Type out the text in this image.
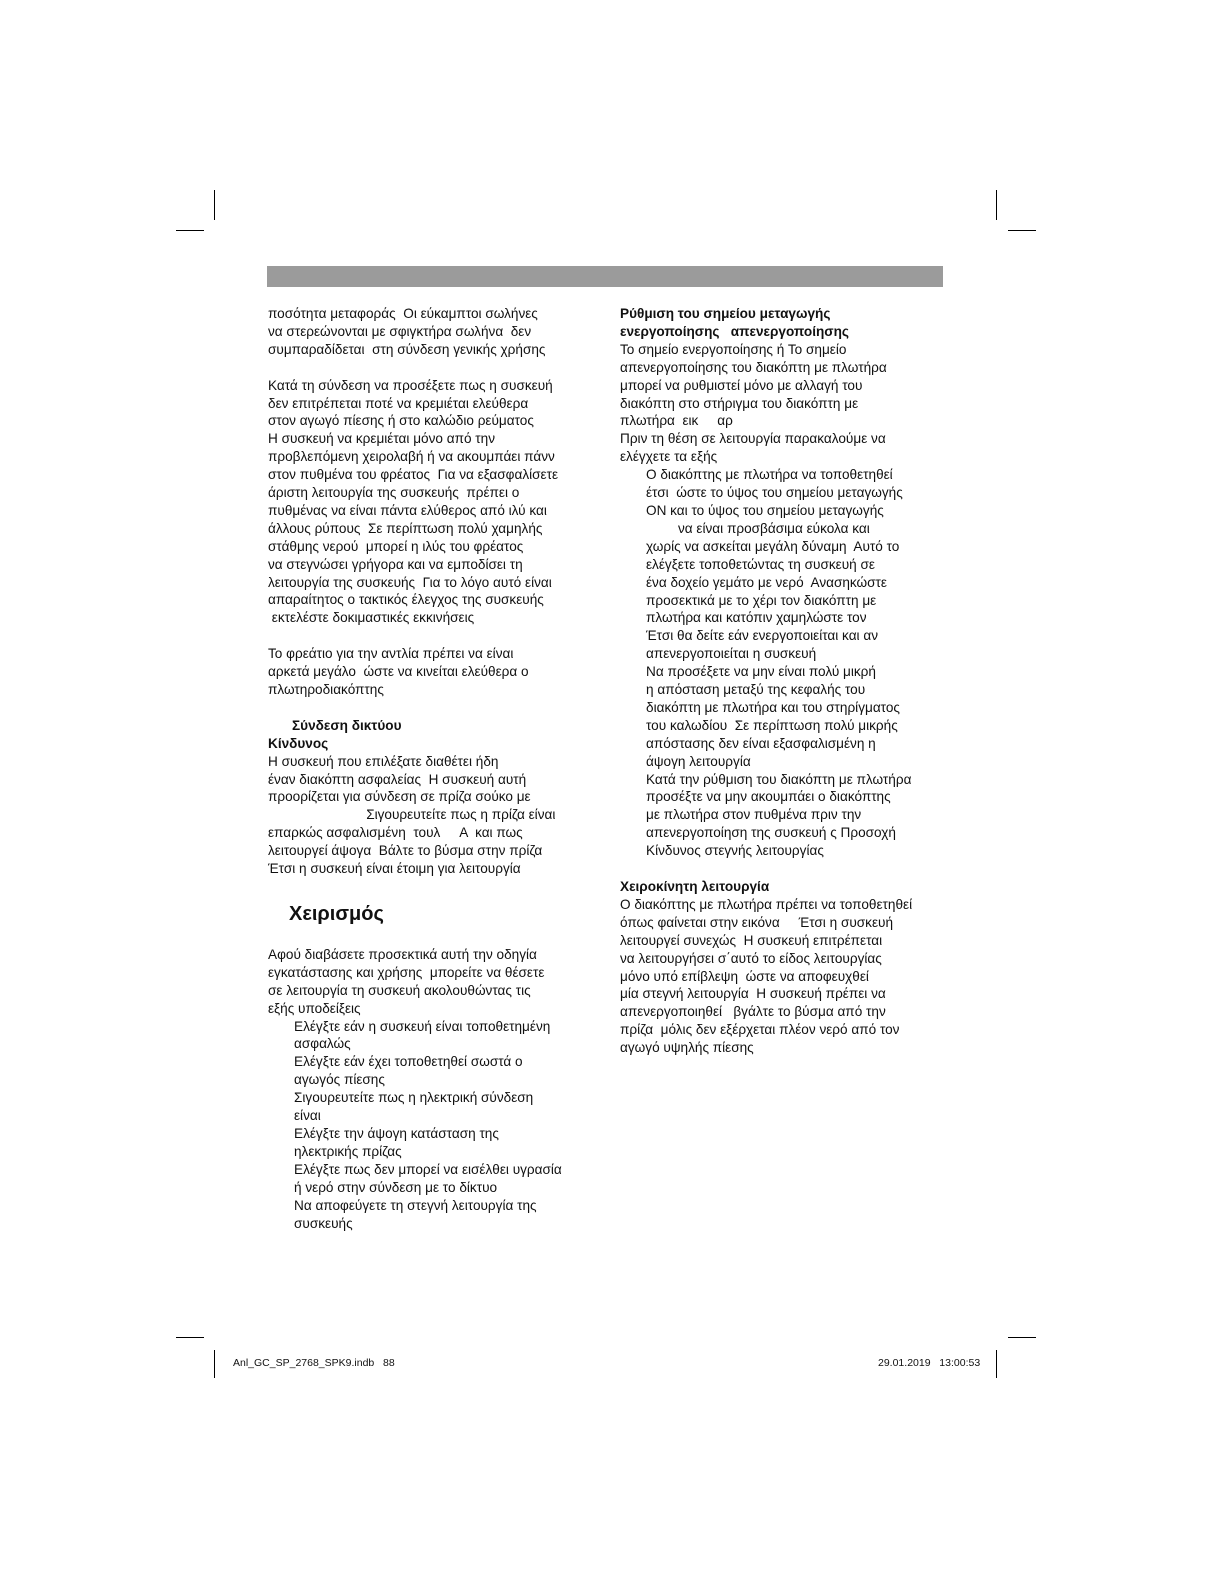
ποσότητα μεταφοράς  Οι εύκαμπτοι σωλήνες
να στερεώνονται με σφιγκτήρα σωλήνα  δεν
συμπαραδίδεται  στη σύνδεση γενικής χρήσης
Κατά τη σύνδεση να προσέξετε πως η συσκευή
δεν επιτρέπεται ποτέ να κρεμιέται ελεύθερα
στον αγωγό πίεσης ή στο καλώδιο ρεύματος
Η συσκευή να κρεμιέται μόνο από την
προβλεπόμενη χειρολαβή ή να ακουμπάει πάνν
στον πυθμένα του φρέατος  Για να εξασφαλίσετε
άριστη λειτουργία της συσκευής  πρέπει ο
πυθμένας να είναι πάντα ελύθερος από ιλύ και
άλλους ρύπους  Σε περίπτωση πολύ χαμηλής
στάθμης νερού  μπορεί η ιλύς του φρέατος
να στεγνώσει γρήγορα και να εμποδίσει τη
λειτουργία της συσκευής  Για το λόγο αυτό είναι
απαραίτητος ο τακτικός έλεγχος της συσκευής
εκτελέστε δοκιμαστικές εκκινήσεις
Το φρεάτιο για την αντλία πρέπει να είναι
αρκετά μεγάλο  ώστε να κινείται ελεύθερα ο
πλωτηροδιακόπτης
Σύνδεση δικτύου
Κίνδυνος
Η συσκευή που επιλέξατε διαθέτει ήδη
έναν διακόπτη ασφαλείας  Η συσκευή αυτή
προορίζεται για σύνδεση σε πρίζα σούκο με
Σιγουρευτείτε πως η πρίζα είναι
επαρκώς ασφαλισμένη  τουλ     A  και πως
λειτουργεί άψογα  Βάλτε το βύσμα στην πρίζα
Έτσι η συσκευή είναι έτοιμη για λειτουργία
Χειρισμός
Αφού διαβάσετε προσεκτικά αυτή την οδηγία
εγκατάστασης και χρήσης  μπορείτε να θέσετε
σε λειτουργία τη συσκευή ακολουθώντας τις
εξής υποδείξεις
Ελέγξτε εάν η συσκευή είναι τοποθετημένη
ασφαλώς
Ελέγξτε εάν έχει τοποθετηθεί σωστά ο
αγωγός πίεσης
Σιγουρευτείτε πως η ηλεκτρική σύνδεση
είναι
Ελέγξτε την άψογη κατάσταση της
ηλεκτρικής πρίζας
Ελέγξτε πως δεν μπορεί να εισέλθει υγρασία
ή νερό στην σύνδεση με το δίκτυο
Να αποφεύγετε τη στεγνή λειτουργία της
συσκευής
Ρύθμιση του σημείου μεταγωγής
ενεργοποίησης   απενεργοποίησης
Το σημείο ενεργοποίησης ή Το σημείο
απενεργοποίησης του διακόπτη με πλωτήρα
μπορεί να ρυθμιστεί μόνο με αλλαγή του
διακόπτη στο στήριγμα του διακόπτη με
πλωτήρα  εικ     αρ
Πριν τη θέση σε λειτουργία παρακαλούμε να
ελέγχετε τα εξής
Ο διακόπτης με πλωτήρα να τοποθετηθεί
έτσι  ώστε το ύψος του σημείου μεταγωγής
ON και το ύψος του σημείου μεταγωγής
να είναι προσβάσιμα εύκολα και
χωρίς να ασκείται μεγάλη δύναμη  Αυτό το
ελέγξετε τοποθετώντας τη συσκευή σε
ένα δοχείο γεμάτο με νερό  Ανασηκώστε
προσεκτικά με το χέρι τον διακόπτη με
πλωτήρα και κατόπιν χαμηλώστε τον
Έτσι θα δείτε εάν ενεργοποιείται και αν
απενεργοποιείται η συσκευή
Να προσέξετε να μην είναι πολύ μικρή
η απόσταση μεταξύ της κεφαλής του
διακόπτη με πλωτήρα και του στηρίγματος
του καλωδίου  Σε περίπτωση πολύ μικρής
απόστασης δεν είναι εξασφαλισμένη η
άψογη λειτουργία
Κατά την ρύθμιση του διακόπτη με πλωτήρα
προσέξτε να μην ακουμπάει ο διακόπτης
με πλωτήρα στον πυθμένα πριν την
απενεργοποίηση της συσκευή ς Προσοχή
Κίνδυνος στεγνής λειτουργίας
Χειροκίνητη λειτουργία
Ο διακόπτης με πλωτήρα πρέπει να τοποθετηθεί
όπως φαίνεται στην εικόνα     Έτσι η συσκευή
λειτουργεί συνεχώς  Η συσκευή επιτρέπεται
να λειτουργήσει σ΄αυτό το είδος λειτουργίας
μόνο υπό επίβλεψη  ώστε να αποφευχθεί
μία στεγνή λειτουργία  Η συσκευή πρέπει να
απενεργοποιηθεί   βγάλτε το βύσμα από την
πρίζα  μόλις δεν εξέρχεται πλέον νερό από τον
αγωγό υψηλής πίεσης
Anl_GC_SP_2768_SPK9.indb   88	29.01.2019   13:00:53
